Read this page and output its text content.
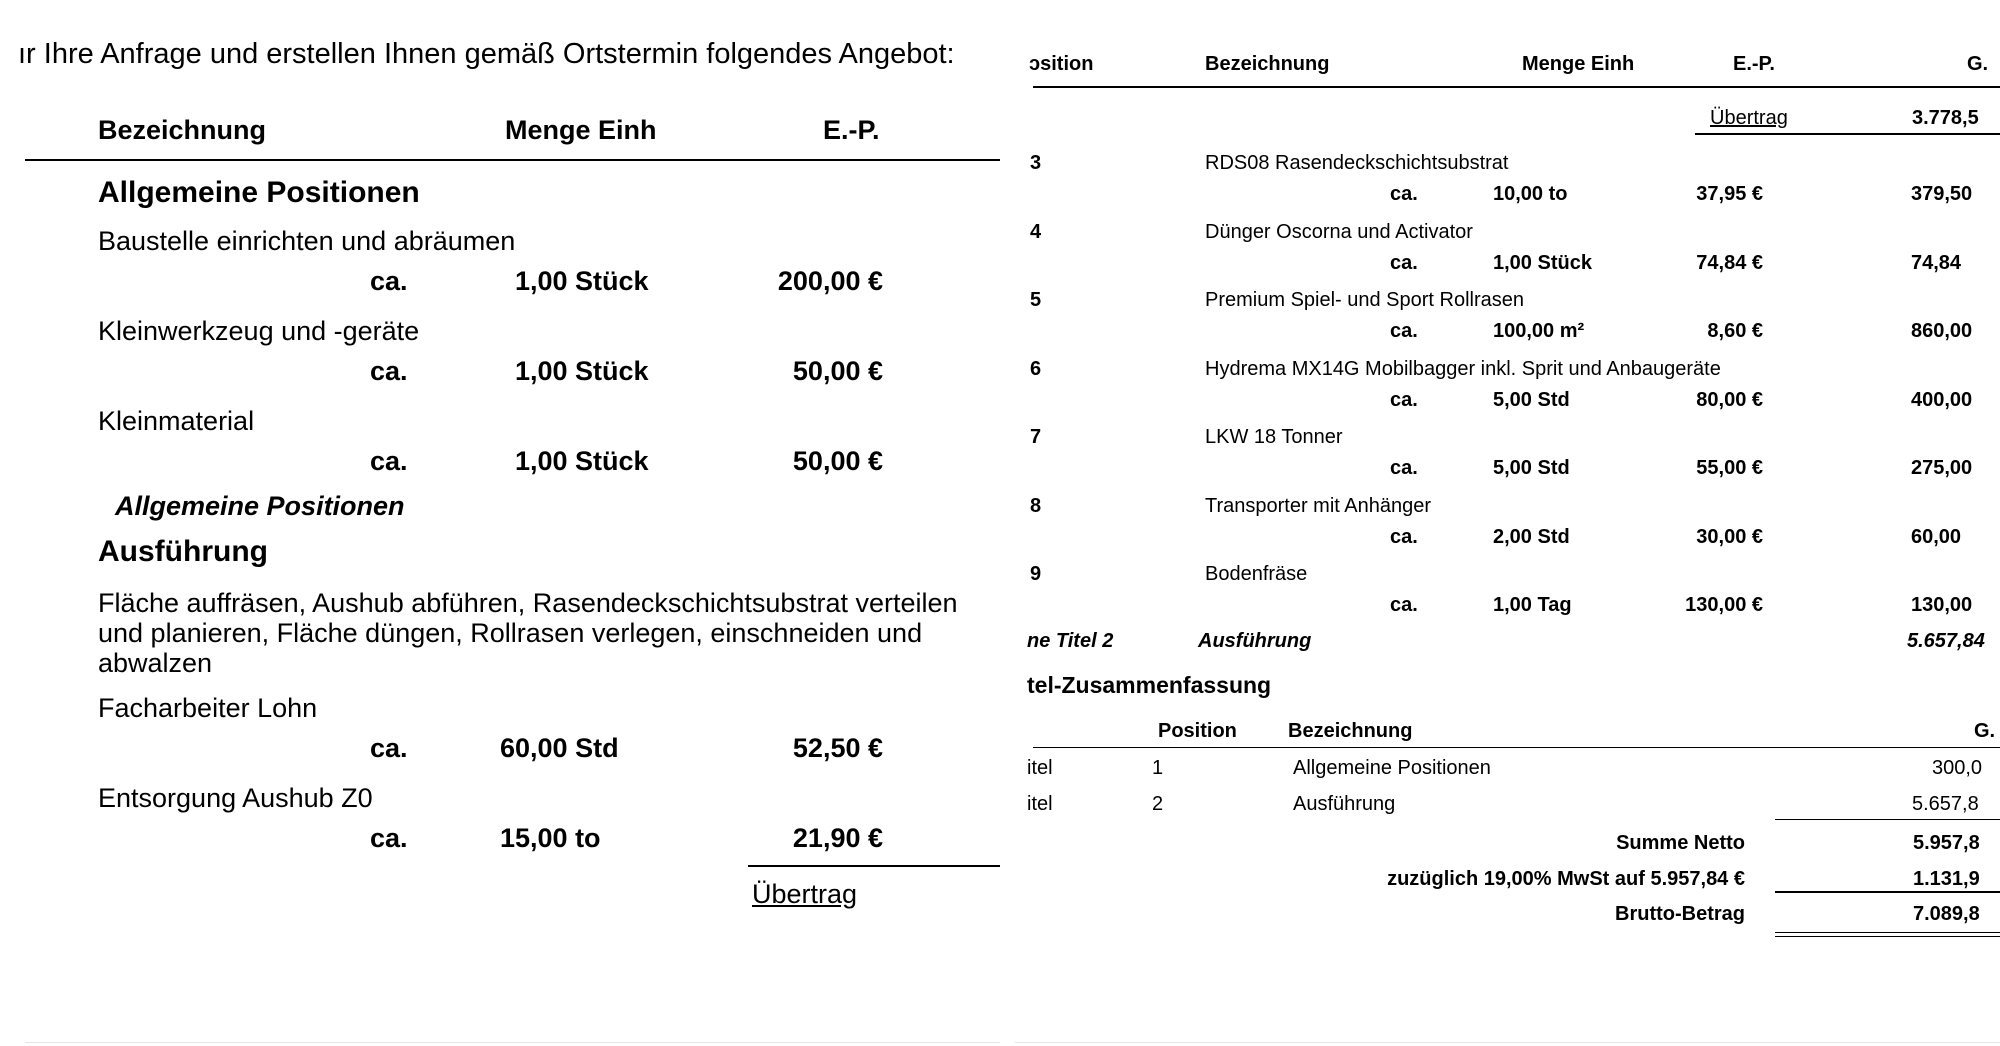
ır Ihre Anfrage und erstellen Ihnen gemäß Ortstermin folgendes Angebot:
Bezeichnung	Menge Einh	E.-P.
Allgemeine Positionen
Baustelle einrichten und abräumen
ca.	1,00 Stück	200,00 €
Kleinwerkzeug und -geräte
ca.	1,00 Stück	50,00 €
Kleinmaterial
ca.	1,00 Stück	50,00 €
Allgemeine Positionen
Ausführung
Fläche auffräsen, Aushub abführen, Rasendeckschichtsubstrat verteilen
und planieren, Fläche düngen, Rollrasen verlegen, einschneiden und
abwalzen
Facharbeiter Lohn
ca.	60,00 Std	52,50 €
Entsorgung Aushub Z0
ca.	15,00 to	21,90 €
Übertrag
ɔsition	Bezeichnung	Menge Einh	E.-P.	G.
Übertrag	3.778,5
3	RDS08 Rasendeckschichtsubstrat
ca.	10,00 to	37,95 €	379,50
4	Dünger Oscorna und Activator
ca.	1,00 Stück	74,84 €	74,84
5	Premium Spiel- und Sport Rollrasen
ca.	100,00 m²	8,60 €	860,00
6	Hydrema MX14G Mobilbagger inkl. Sprit und Anbaugeräte
ca.	5,00 Std	80,00 €	400,00
7	LKW 18 Tonner
ca.	5,00 Std	55,00 €	275,00
8	Transporter mit Anhänger
ca.	2,00 Std	30,00 €	60,00
9	Bodenfräse
ca.	1,00 Tag	130,00 €	130,00
ne Titel 2	Ausführung	5.657,84
tel-Zusammenfassung
Position	Bezeichnung	G.
itel	1	Allgemeine Positionen	300,0
itel	2	Ausführung	5.657,8
Summe Netto	5.957,8
zuzüglich 19,00% MwSt auf 5.957,84 €	1.131,9
Brutto-Betrag	7.089,8
